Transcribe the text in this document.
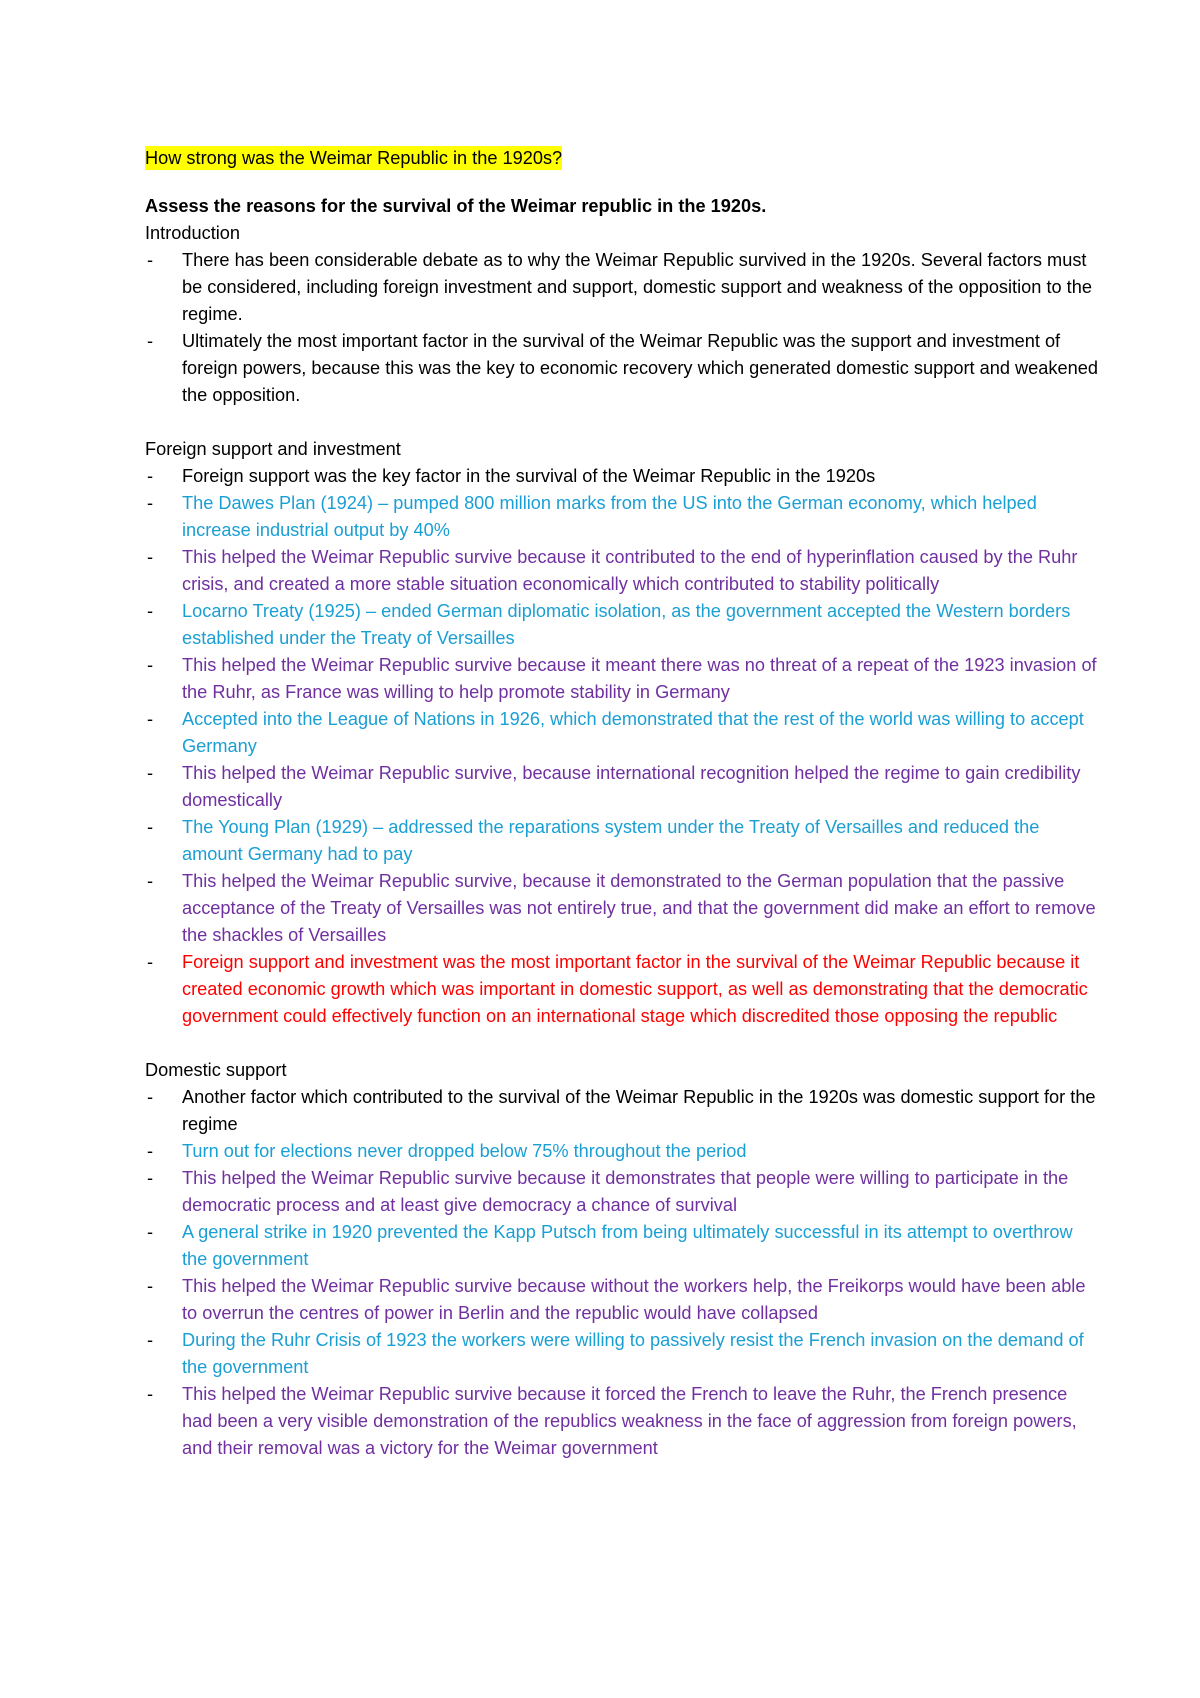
How strong was the Weimar Republic in the 1920s?

Assess the reasons for the survival of the Weimar republic in the 1920s.

Introduction

- There has been considerable debate as to why the Weimar Republic survived in the 1920s. Several factors must be considered, including foreign investment and support, domestic support and weakness of the opposition to the regime.
- Ultimately the most important factor in the survival of the Weimar Republic was the support and investment of foreign powers, because this was the key to economic recovery which generated domestic support and weakened the opposition.

Foreign support and investment

- Foreign support was the key factor in the survival of the Weimar Republic in the 1920s
- The Dawes Plan (1924) – pumped 800 million marks from the US into the German economy, which helped increase industrial output by 40%
- This helped the Weimar Republic survive because it contributed to the end of hyperinflation caused by the Ruhr crisis, and created a more stable situation economically which contributed to stability politically
- Locarno Treaty (1925) – ended German diplomatic isolation, as the government accepted the Western borders established under the Treaty of Versailles
- This helped the Weimar Republic survive because it meant there was no threat of a repeat of the 1923 invasion of the Ruhr, as France was willing to help promote stability in Germany
- Accepted into the League of Nations in 1926, which demonstrated that the rest of the world was willing to accept Germany
- This helped the Weimar Republic survive, because international recognition helped the regime to gain credibility domestically
- The Young Plan (1929) – addressed the reparations system under the Treaty of Versailles and reduced the amount Germany had to pay
- This helped the Weimar Republic survive, because it demonstrated to the German population that the passive acceptance of the Treaty of Versailles was not entirely true, and that the government did make an effort to remove the shackles of Versailles
- Foreign support and investment was the most important factor in the survival of the Weimar Republic because it created economic growth which was important in domestic support, as well as demonstrating that the democratic government could effectively function on an international stage which discredited those opposing the republic

Domestic support

- Another factor which contributed to the survival of the Weimar Republic in the 1920s was domestic support for the regime
- Turn out for elections never dropped below 75% throughout the period
- This helped the Weimar Republic survive because it demonstrates that people were willing to participate in the democratic process and at least give democracy a chance of survival
- A general strike in 1920 prevented the Kapp Putsch from being ultimately successful in its attempt to overthrow the government
- This helped the Weimar Republic survive because without the workers help, the Freikorps would have been able to overrun the centres of power in Berlin and the republic would have collapsed
- During the Ruhr Crisis of 1923 the workers were willing to passively resist the French invasion on the demand of the government
- This helped the Weimar Republic survive because it forced the French to leave the Ruhr, the French presence had been a very visible demonstration of the republics weakness in the face of aggression from foreign powers, and their removal was a victory for the Weimar government
